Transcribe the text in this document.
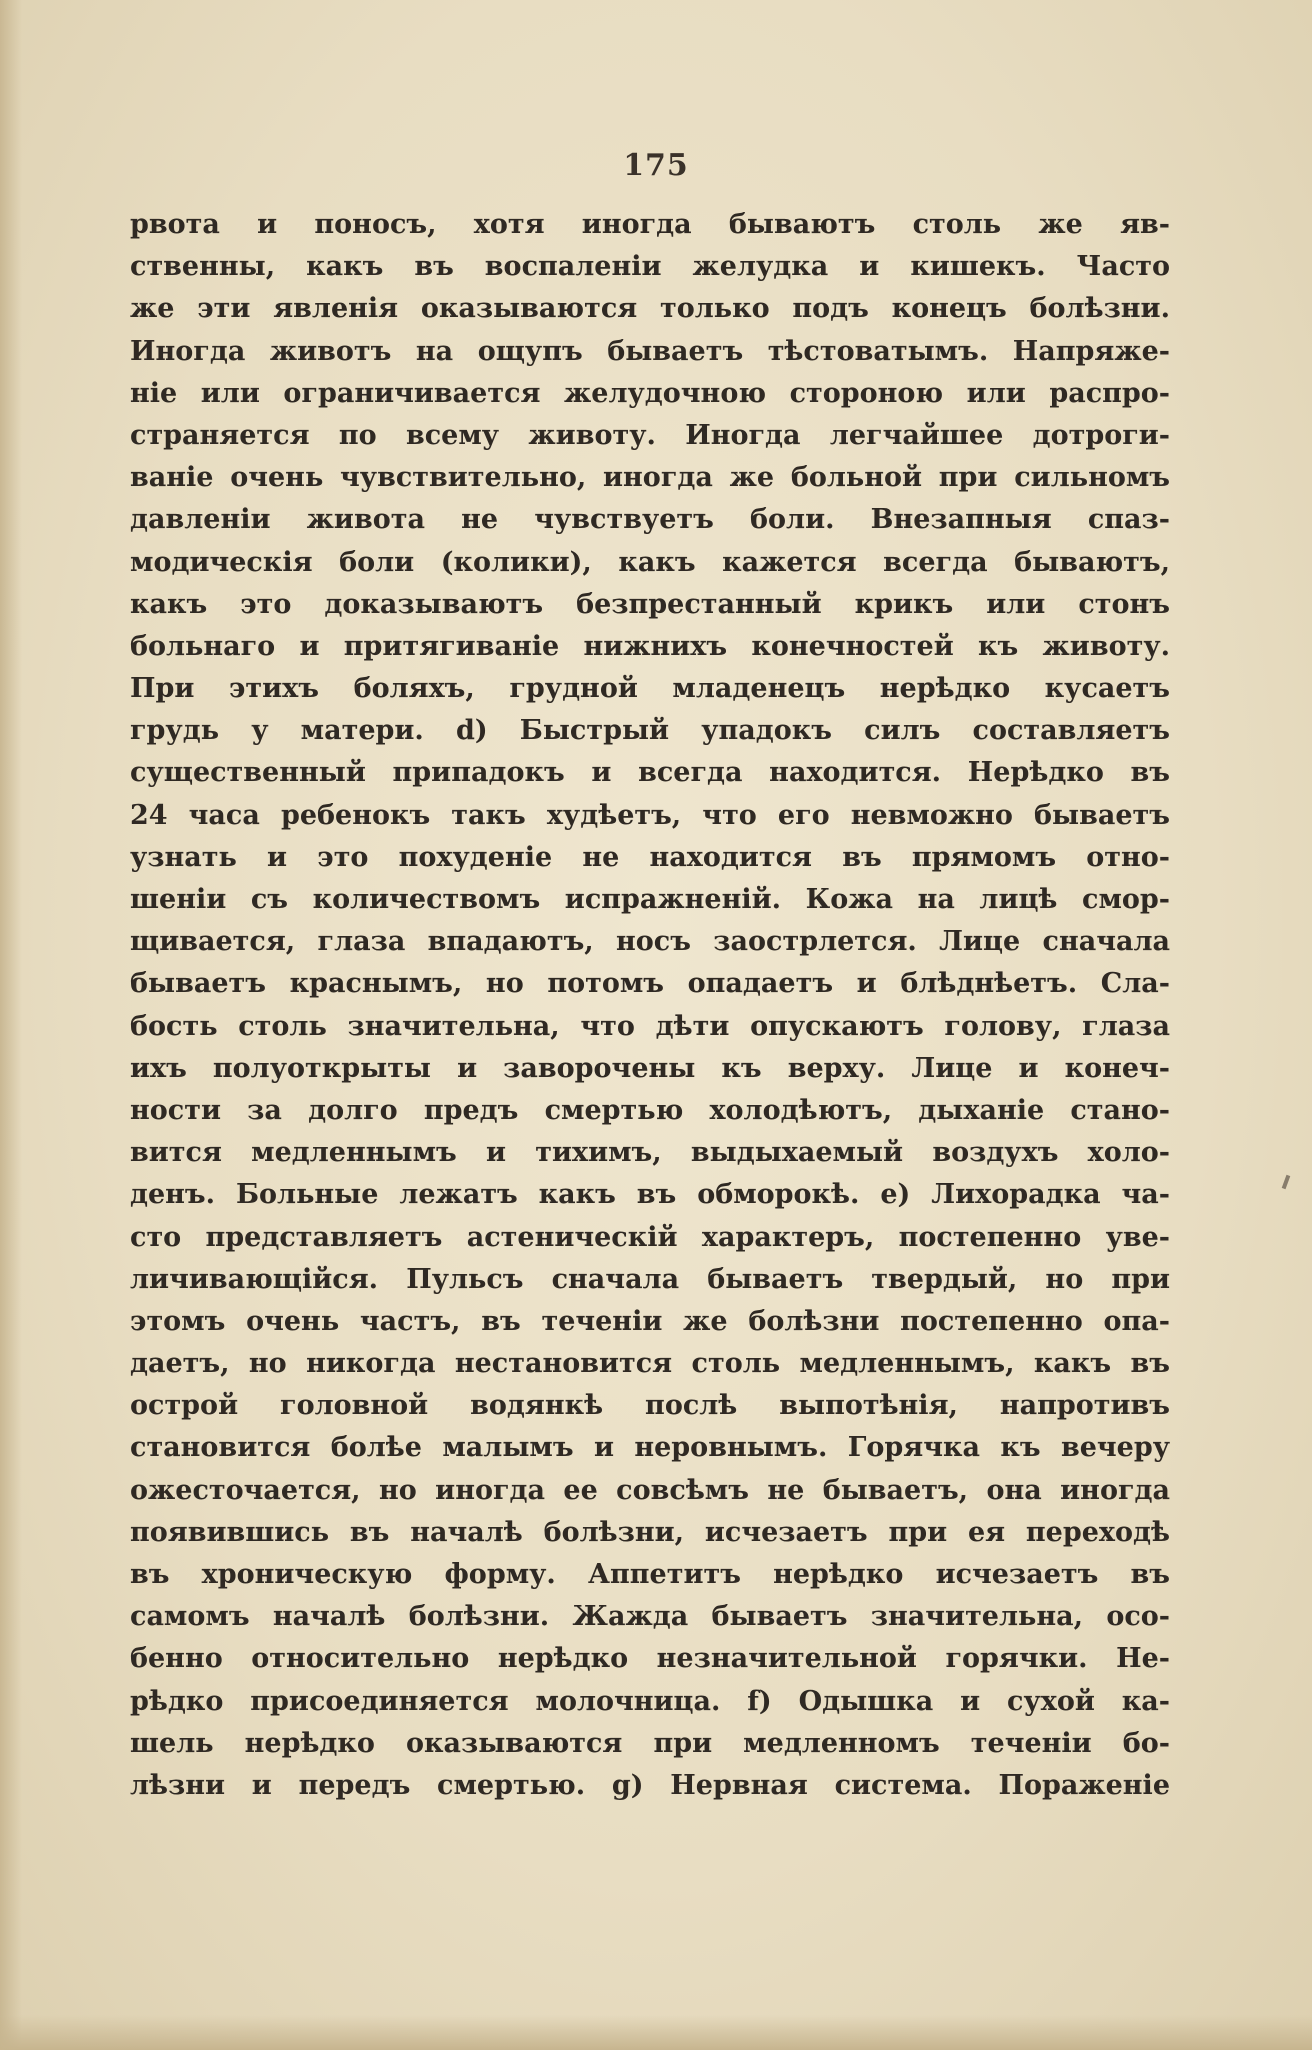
175
рвота и поносъ, хотя иногда бываютъ столь же яв-
ственны, какъ въ воспаленіи желудка и кишекъ. Часто
же эти явленія оказываются только подъ конецъ болѣзни.
Иногда животъ на ощупъ бываетъ тѣстоватымъ. Напряже-
ніе или ограничивается желудочною стороною или распро-
страняется по всему животу. Иногда легчайшее дотроги-
ваніе очень чувствительно, иногда же больной при сильномъ
давленіи живота не чувствуетъ боли. Внезапныя спаз-
модическія боли (колики), какъ кажется всегда бываютъ,
какъ это доказываютъ безпрестанный крикъ или стонъ
больнаго и притягиваніе нижнихъ конечностей къ животу.
При этихъ боляхъ, грудной младенецъ нерѣдко кусаетъ
грудь у матери. d) Быстрый упадокъ силъ составляетъ
существенный припадокъ и всегда находится. Нерѣдко въ
24 часа ребенокъ такъ худѣетъ, что его невможно бываетъ
узнать и это похуденіе не находится въ прямомъ отно-
шеніи съ количествомъ испражненій. Кожа на лицѣ смор-
щивается, глаза впадаютъ, носъ заострлется. Лице сначала
бываетъ краснымъ, но потомъ опадаетъ и блѣднѣетъ. Сла-
бость столь значительна, что дѣти опускаютъ голову, глаза
ихъ полуоткрыты и заворочены къ верху. Лице и конеч-
ности за долго предъ смертью холодѣютъ, дыханіе стано-
вится медленнымъ и тихимъ, выдыхаемый воздухъ холо-
денъ. Больные лежатъ какъ въ обморокѣ. e) Лихорадка ча-
сто представляетъ астеническій характеръ, постепенно уве-
личивающійся. Пульсъ сначала бываетъ твердый, но при
этомъ очень частъ, въ теченіи же болѣзни постепенно опа-
даетъ, но никогда нестановится столь медленнымъ, какъ въ
острой головной водянкѣ послѣ выпотѣнія, напротивъ
становится болѣе малымъ и неровнымъ. Горячка къ вечеру
ожесточается, но иногда ее совсѣмъ не бываетъ, она иногда
появившись въ началѣ болѣзни, исчезаетъ при ея переходѣ
въ хроническую форму. Аппетитъ нерѣдко исчезаетъ въ
самомъ началѣ болѣзни. Жажда бываетъ значительна, осо-
бенно относительно нерѣдко незначительной горячки. Не-
рѣдко присоединяется молочница. f) Одышка и сухой ка-
шель нерѣдко оказываются при медленномъ теченіи бо-
лѣзни и передъ смертью. g) Нервная система. Пораженіе
